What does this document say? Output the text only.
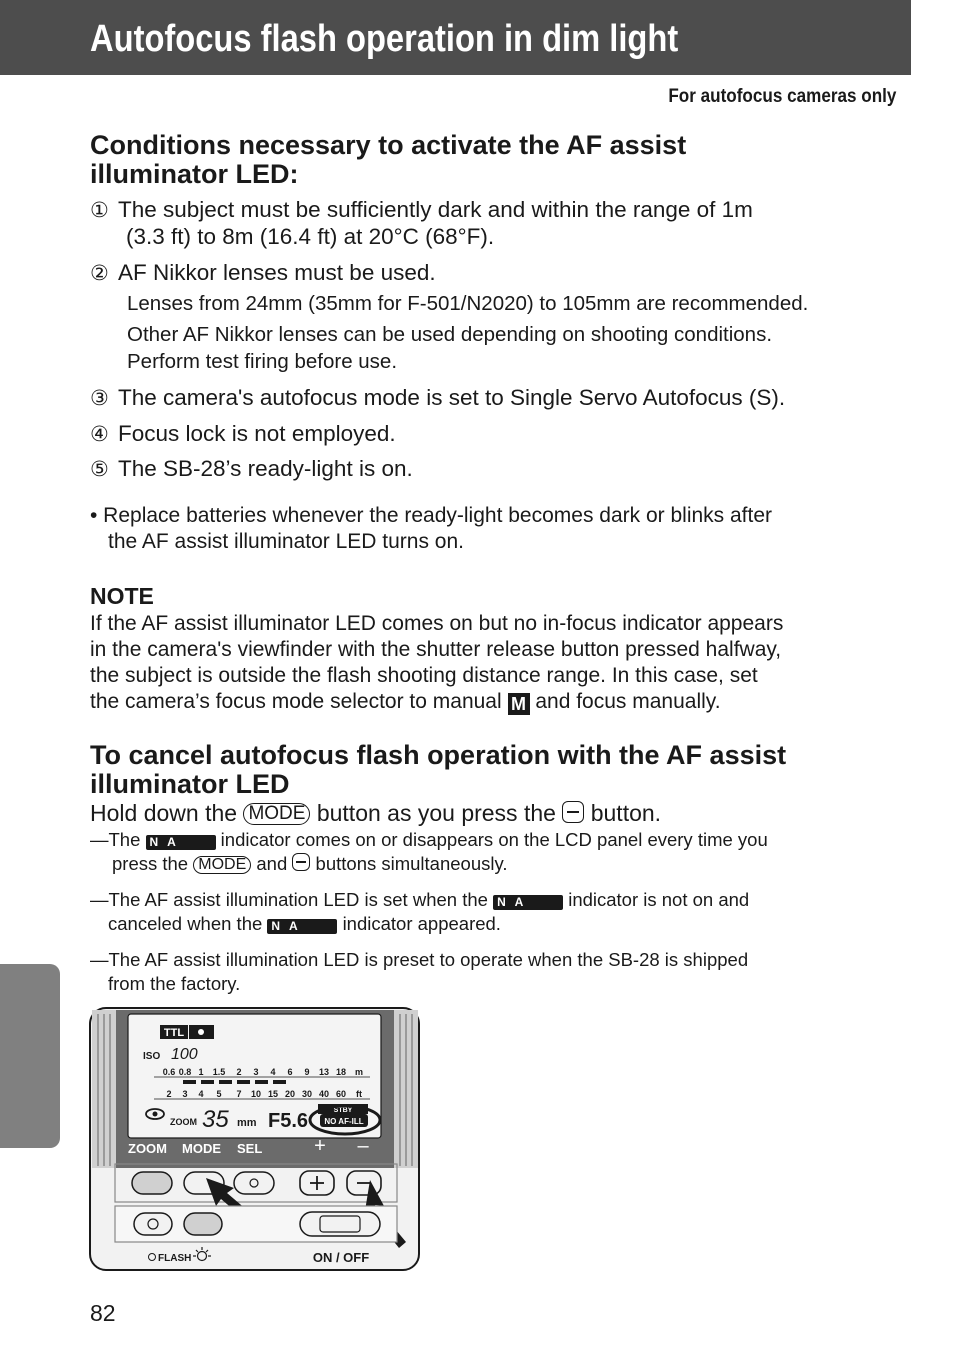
Autofocus flash operation in dim light
For autofocus cameras only
Conditions necessary to activate the AF assist
illuminator LED:
① The subject must be sufficiently dark and within the range of 1m
(3.3 ft) to 8m (16.4 ft) at 20°C (68°F).
② AF Nikkor lenses must be used.
Lenses from 24mm (35mm for F-501/N2020) to 105mm are recommended.
Other AF Nikkor lenses can be used depending on shooting conditions.
Perform test firing before use.
③ The camera's autofocus mode is set to Single Servo Autofocus (S).
④ Focus lock is not employed.
⑤ The SB-28’s ready-light is on.
• Replace batteries whenever the ready-light becomes dark or blinks after
the AF assist illuminator LED turns on.
NOTE
If the AF assist illuminator LED comes on but no in-focus indicator appears
in the camera's viewfinder with the shutter release button pressed halfway,
the subject is outside the flash shooting distance range. In this case, set
the camera’s focus mode selector to manual M and focus manually.
To cancel autofocus flash operation with the AF assist
illuminator LED
Hold down the MODE button as you press the button.
—The N A indicator comes on or disappears on the LCD panel every time you
press the MODE and buttons simultaneously.
—The AF assist illumination LED is set when the N A indicator is not on and
canceled when the N A indicator appeared.
—The AF assist illumination LED is preset to operate when the SB-28 is shipped
from the factory.
TTL
ISO 100
0.6 0.8 1 1.5 2 3 4 6 9 13 18 m
2 3 4 5 7 10 15 20 30 40 60 ft
ZOOM 35 mm F5.6	STBY
NO AF-ILL
ZOOM MODE SEL	+ –
FLASH	ON / OFF
82
